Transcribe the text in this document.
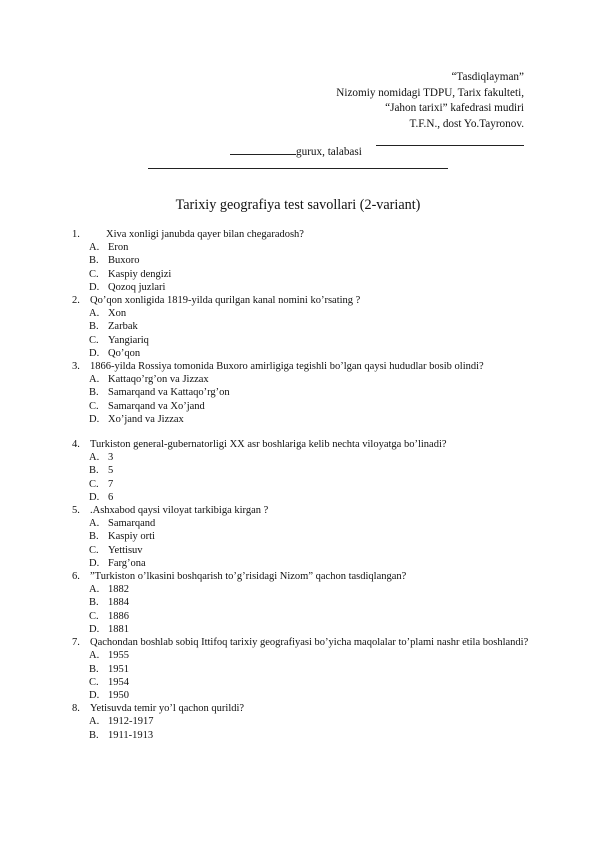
“Tasdiqlayman”
Nizomiy nomidagi TDPU, Tarix fakulteti,
“Jahon tarixi” kafedrasi mudiri
T.F.N., dost Yo.Tayronov.
gurux, talabasi
Tarixiy geografiya test savollari (2-variant)
1. Xiva xonligi janubda qayer bilan chegaradosh?
A. Eron
B. Buxoro
C. Kaspiy dengizi
D. Qozoq juzlari
2. Qo’qon xonligida 1819-yilda qurilgan kanal nomini ko’rsating ?
A. Xon
B. Zarbak
C. Yangiariq
D. Qo’qon
3. 1866-yilda Rossiya tomonida Buxoro amirligiga tegishli bo’lgan qaysi hududlar bosib olindi?
A. Kattaqo’rg’on va Jizzax
B. Samarqand va Kattaqo’rg’on
C. Samarqand va Xo’jand
D. Xo’jand va Jizzax
4. Turkiston general-gubernatorligi XX asr boshlariga kelib nechta viloyatga bo’linadi?
A. 3
B. 5
C. 7
D. 6
5. .Ashxabod qaysi viloyat tarkibiga kirgan ?
A. Samarqand
B. Kaspiy orti
C. Yettisuv
D. Farg’ona
6. ”Turkiston o’lkasini boshqarish to’g’risidagi Nizom” qachon tasdiqlangan?
A. 1882
B. 1884
C. 1886
D. 1881
7. Qachondan boshlab sobiq Ittifoq tarixiy geografiyasi bo’yicha maqolalar to’plami nashr etila boshlandi?
A. 1955
B. 1951
C. 1954
D. 1950
8. Yetisuvda temir yo’l qachon qurildi?
A. 1912-1917
B. 1911-1913
